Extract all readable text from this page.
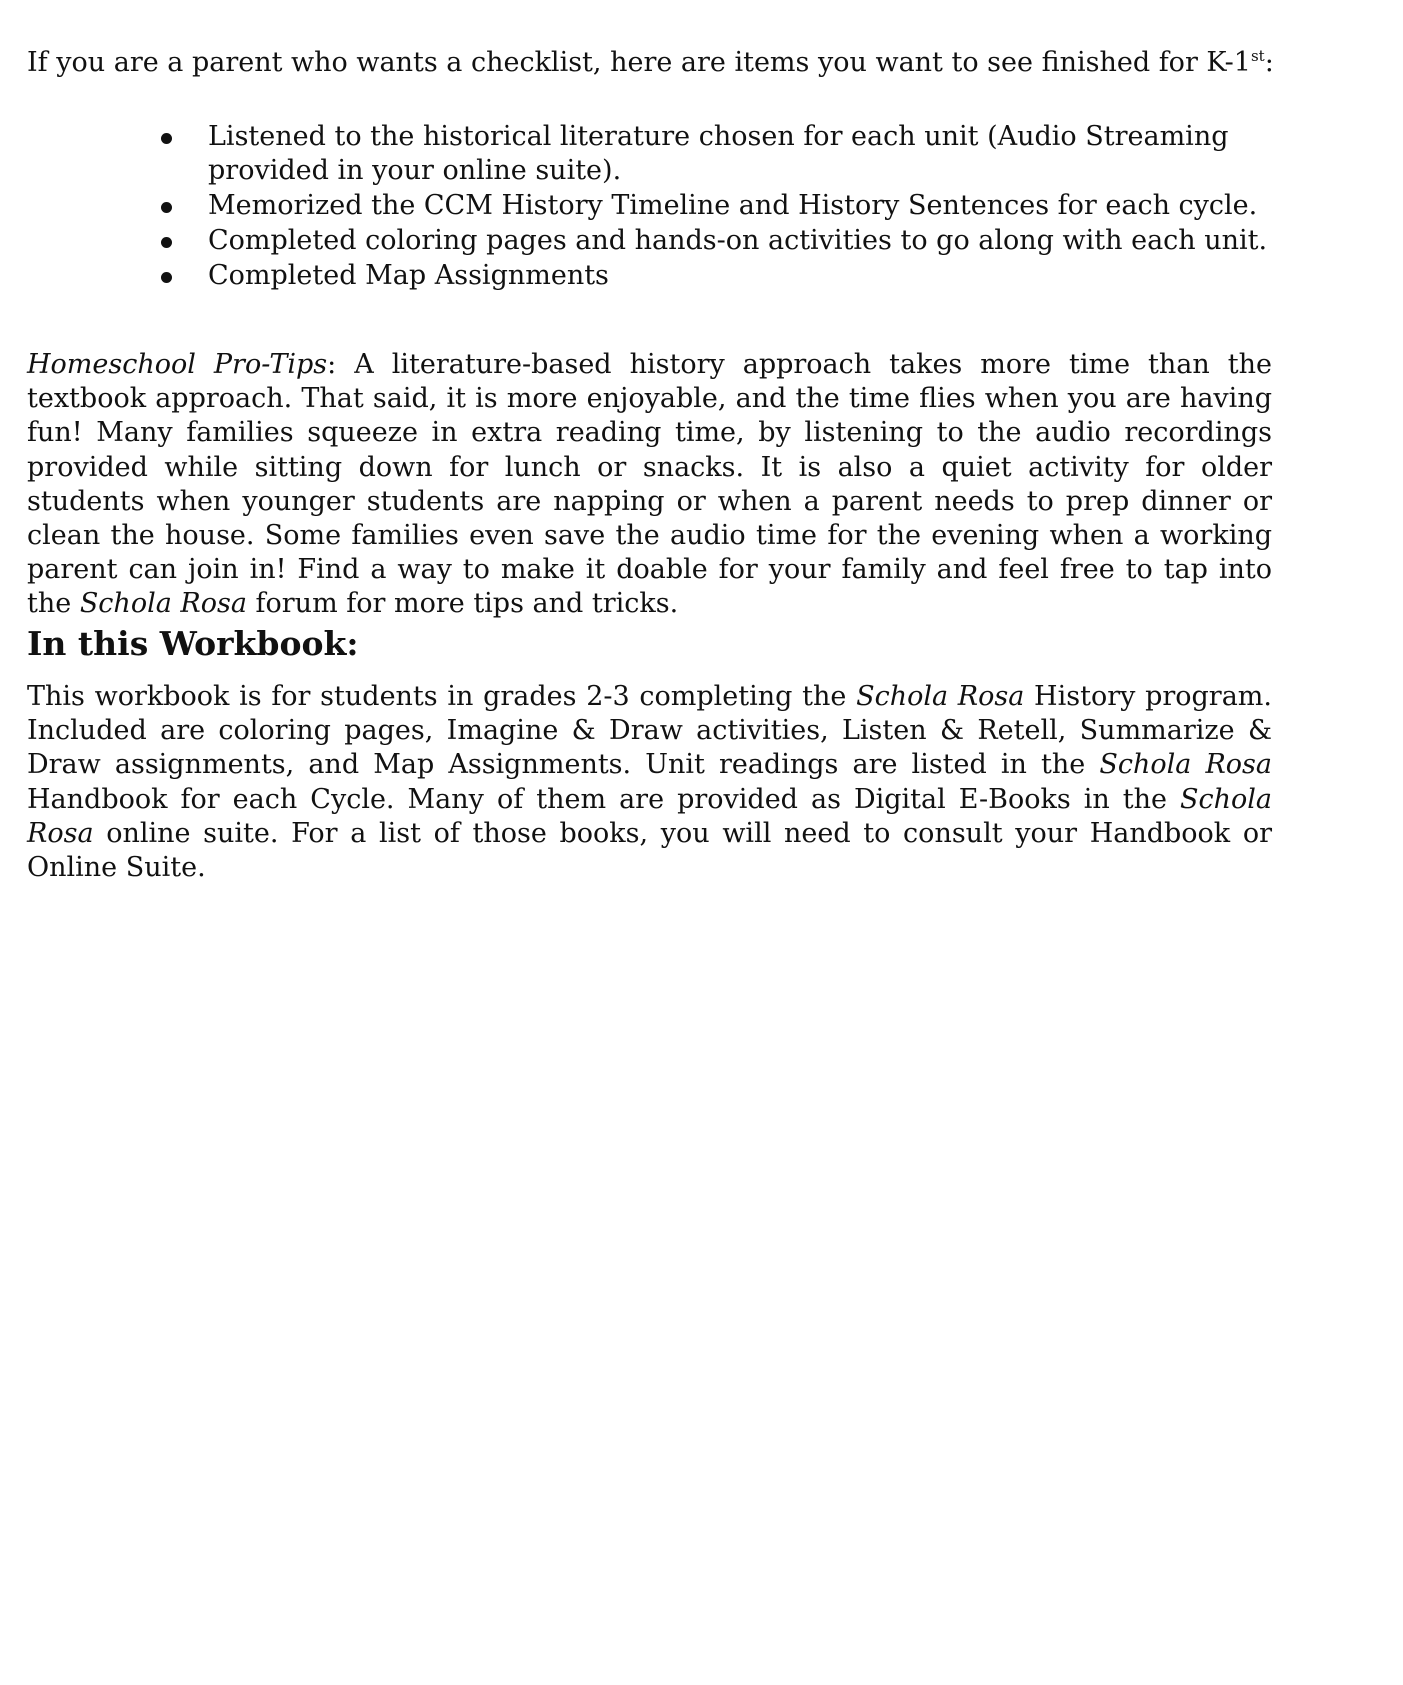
If you are a parent who wants a checklist, here are items you want to see finished for K-1st:

Listened to the historical literature chosen for each unit (Audio Streaming provided in your online suite).
Memorized the CCM History Timeline and History Sentences for each cycle.
Completed coloring pages and hands-on activities to go along with each unit.
Completed Map Assignments

Homeschool Pro-Tips: A literature-based history approach takes more time than the textbook approach. That said, it is more enjoyable, and the time flies when you are having fun! Many families squeeze in extra reading time, by listening to the audio recordings provided while sitting down for lunch or snacks. It is also a quiet activity for older students when younger students are napping or when a parent needs to prep dinner or clean the house. Some families even save the audio time for the evening when a working parent can join in! Find a way to make it doable for your family and feel free to tap into the Schola Rosa forum for more tips and tricks.

In this Workbook:

This workbook is for students in grades 2-3 completing the Schola Rosa History program. Included are coloring pages, Imagine & Draw activities, Listen & Retell, Summarize & Draw assignments, and Map Assignments. Unit readings are listed in the Schola Rosa Handbook for each Cycle. Many of them are provided as Digital E-Books in the Schola Rosa online suite. For a list of those books, you will need to consult your Handbook or Online Suite.
